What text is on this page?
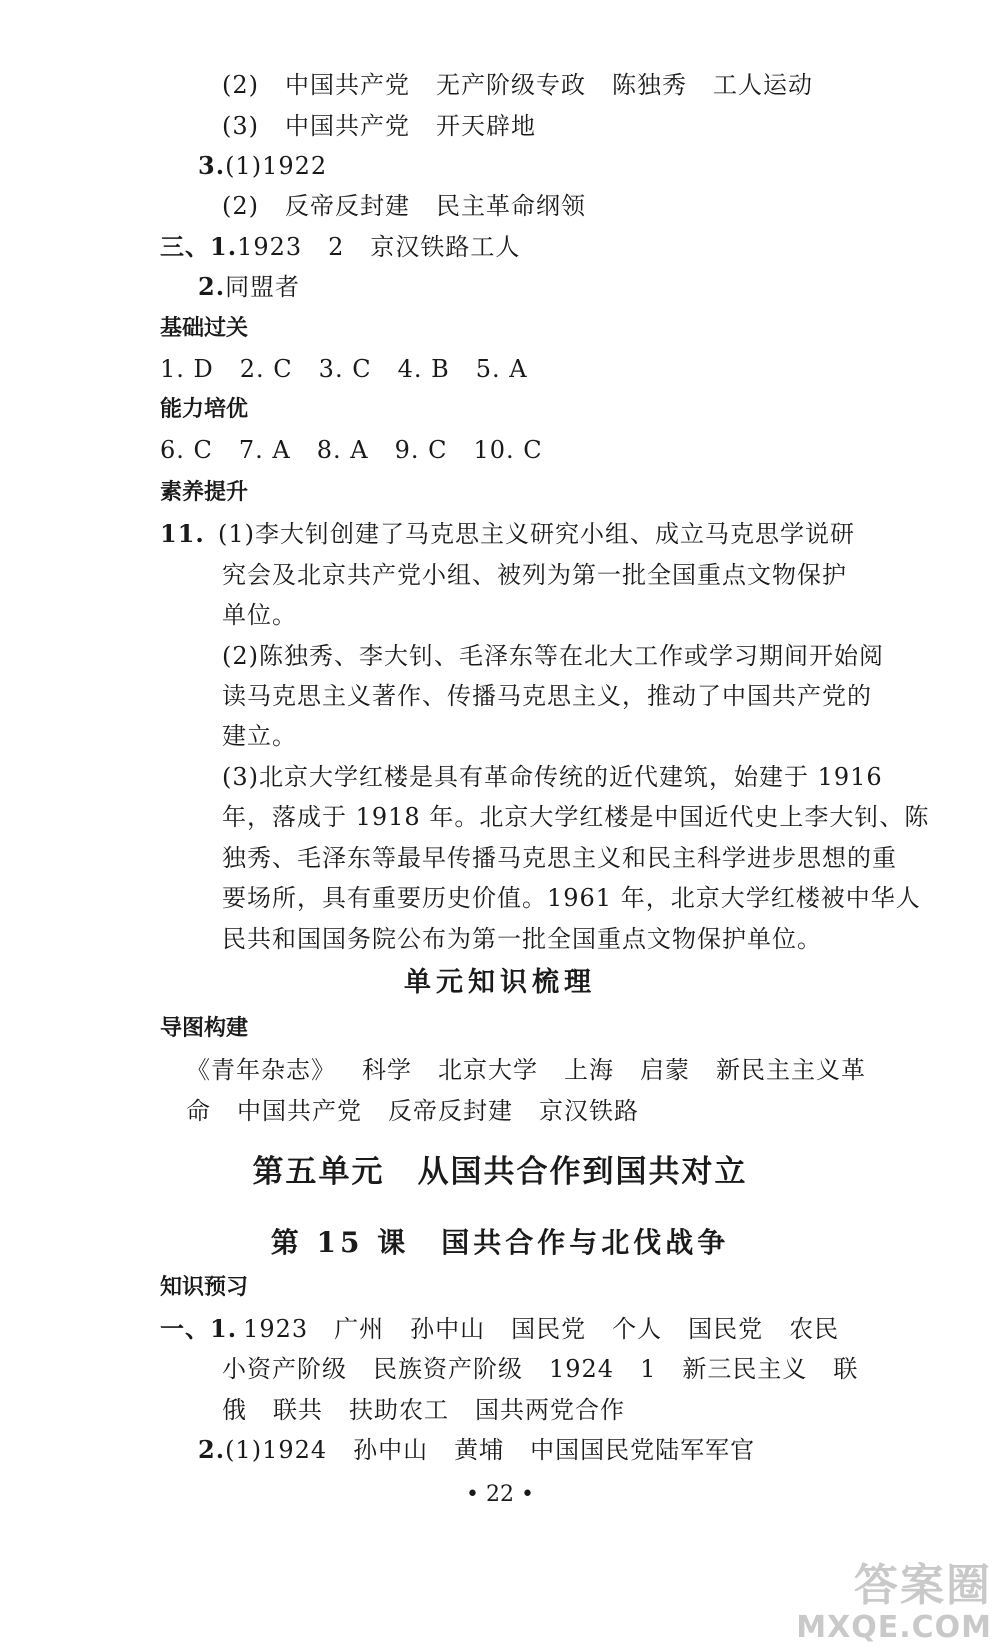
(2) 中国共产党 无产阶级专政 陈独秀 工人运动
(3) 中国共产党 开天辟地
3.(1)1922
(2) 反帝反封建 民主革命纲领
三、1.1923 2 京汉铁路工人
2.同盟者
基础过关
1. D 2. C 3. C 4. B 5. A
能力培优
6. C 7. A 8. A 9. C 10. C
素养提升
11. (1)李大钊创建了马克思主义研究小组、成立马克思学说研
究会及北京共产党小组、被列为第一批全国重点文物保护
单位。
(2)陈独秀、李大钊、毛泽东等在北大工作或学习期间开始阅
读马克思主义著作、传播马克思主义，推动了中国共产党的
建立。
(3)北京大学红楼是具有革命传统的近代建筑，始建于 1916
年，落成于 1918 年。北京大学红楼是中国近代史上李大钊、陈
独秀、毛泽东等最早传播马克思主义和民主科学进步思想的重
要场所，具有重要历史价值。1961 年，北京大学红楼被中华人
民共和国国务院公布为第一批全国重点文物保护单位。
单元知识梳理
导图构建
《青年杂志》 科学 北京大学 上海 启蒙 新民主主义革
命 中国共产党 反帝反封建 京汉铁路
第五单元　从国共合作到国共对立
第 15 课　国共合作与北伐战争
知识预习
一、1. 1923 广州 孙中山 国民党 个人 国民党 农民
小资产阶级 民族资产阶级 1924 1 新三民主义 联
俄 联共 扶助农工 国共两党合作
2.(1)1924 孙中山 黄埔 中国国民党陆军军官
• 22 •
答案圈
MXQE.COM
